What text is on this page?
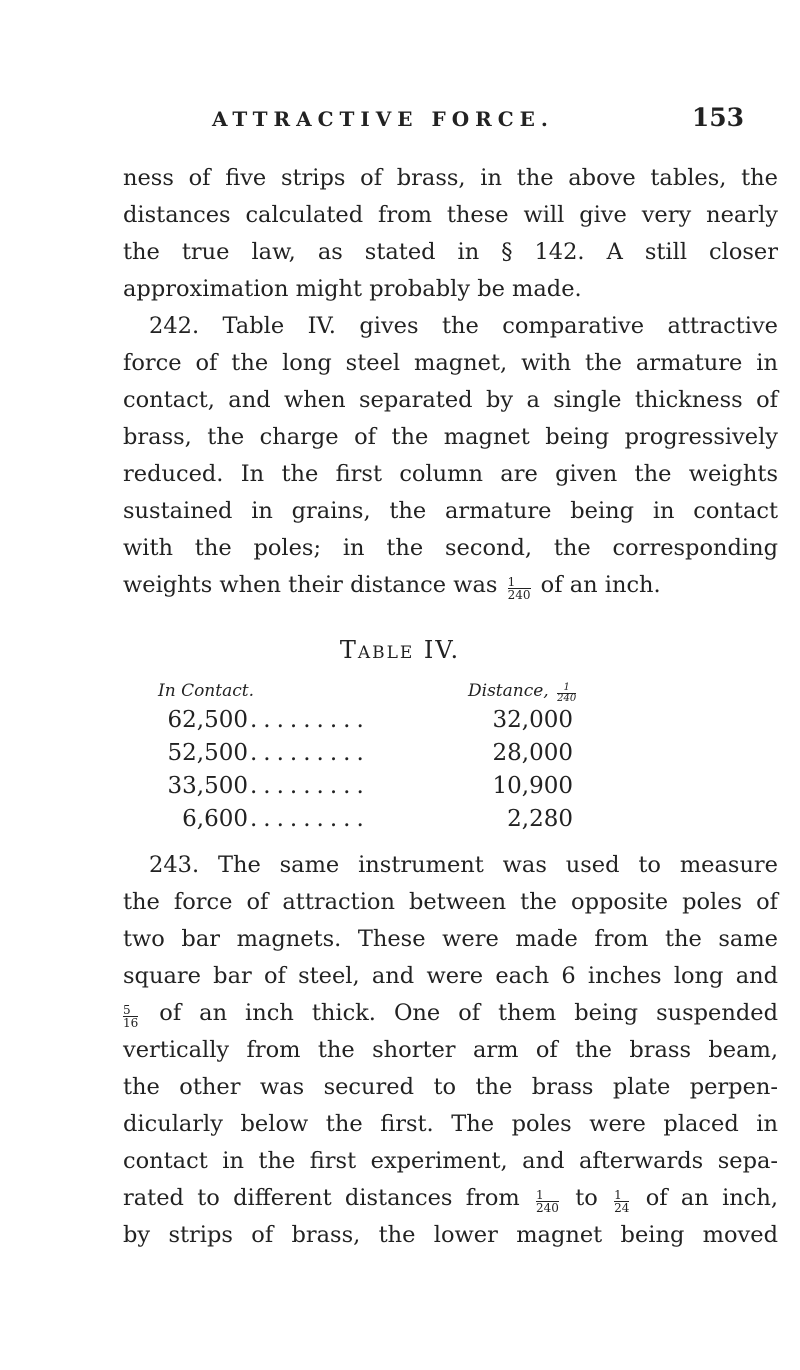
ATTRACTIVE FORCE.	153
ness of five strips of brass, in the above tables, the
distances calculated from these will give very nearly
the true law, as stated in § 142. A still closer
approximation might probably be made.
242. Table IV. gives the comparative attractive
force of the long steel magnet, with the armature in
contact, and when separated by a single thickness of
brass, the charge of the magnet being progressively
reduced. In the first column are given the weights
sustained in grains, the armature being in contact
with the poles; in the second, the corresponding
weights when their distance was $\frac{1}{240}$ of an inch.
Table IV.
In Contact.	Distance, $\frac{1}{240}$
62,500 .........	32,000
52,500 .........	28,000
33,500 .........	10,900
6,600 .........	2,280
243. The same instrument was used to measure
the force of attraction between the opposite poles of
two bar magnets. These were made from the same
square bar of steel, and were each 6 inches long and
$\frac{5}{16}$ of an inch thick. One of them being suspended
vertically from the shorter arm of the brass beam,
the other was secured to the brass plate perpen-
dicularly below the first. The poles were placed in
contact in the first experiment, and afterwards sepa-
rated to different distances from $\frac{1}{240}$ to $\frac{1}{24}$ of an inch,
by strips of brass, the lower magnet being moved
